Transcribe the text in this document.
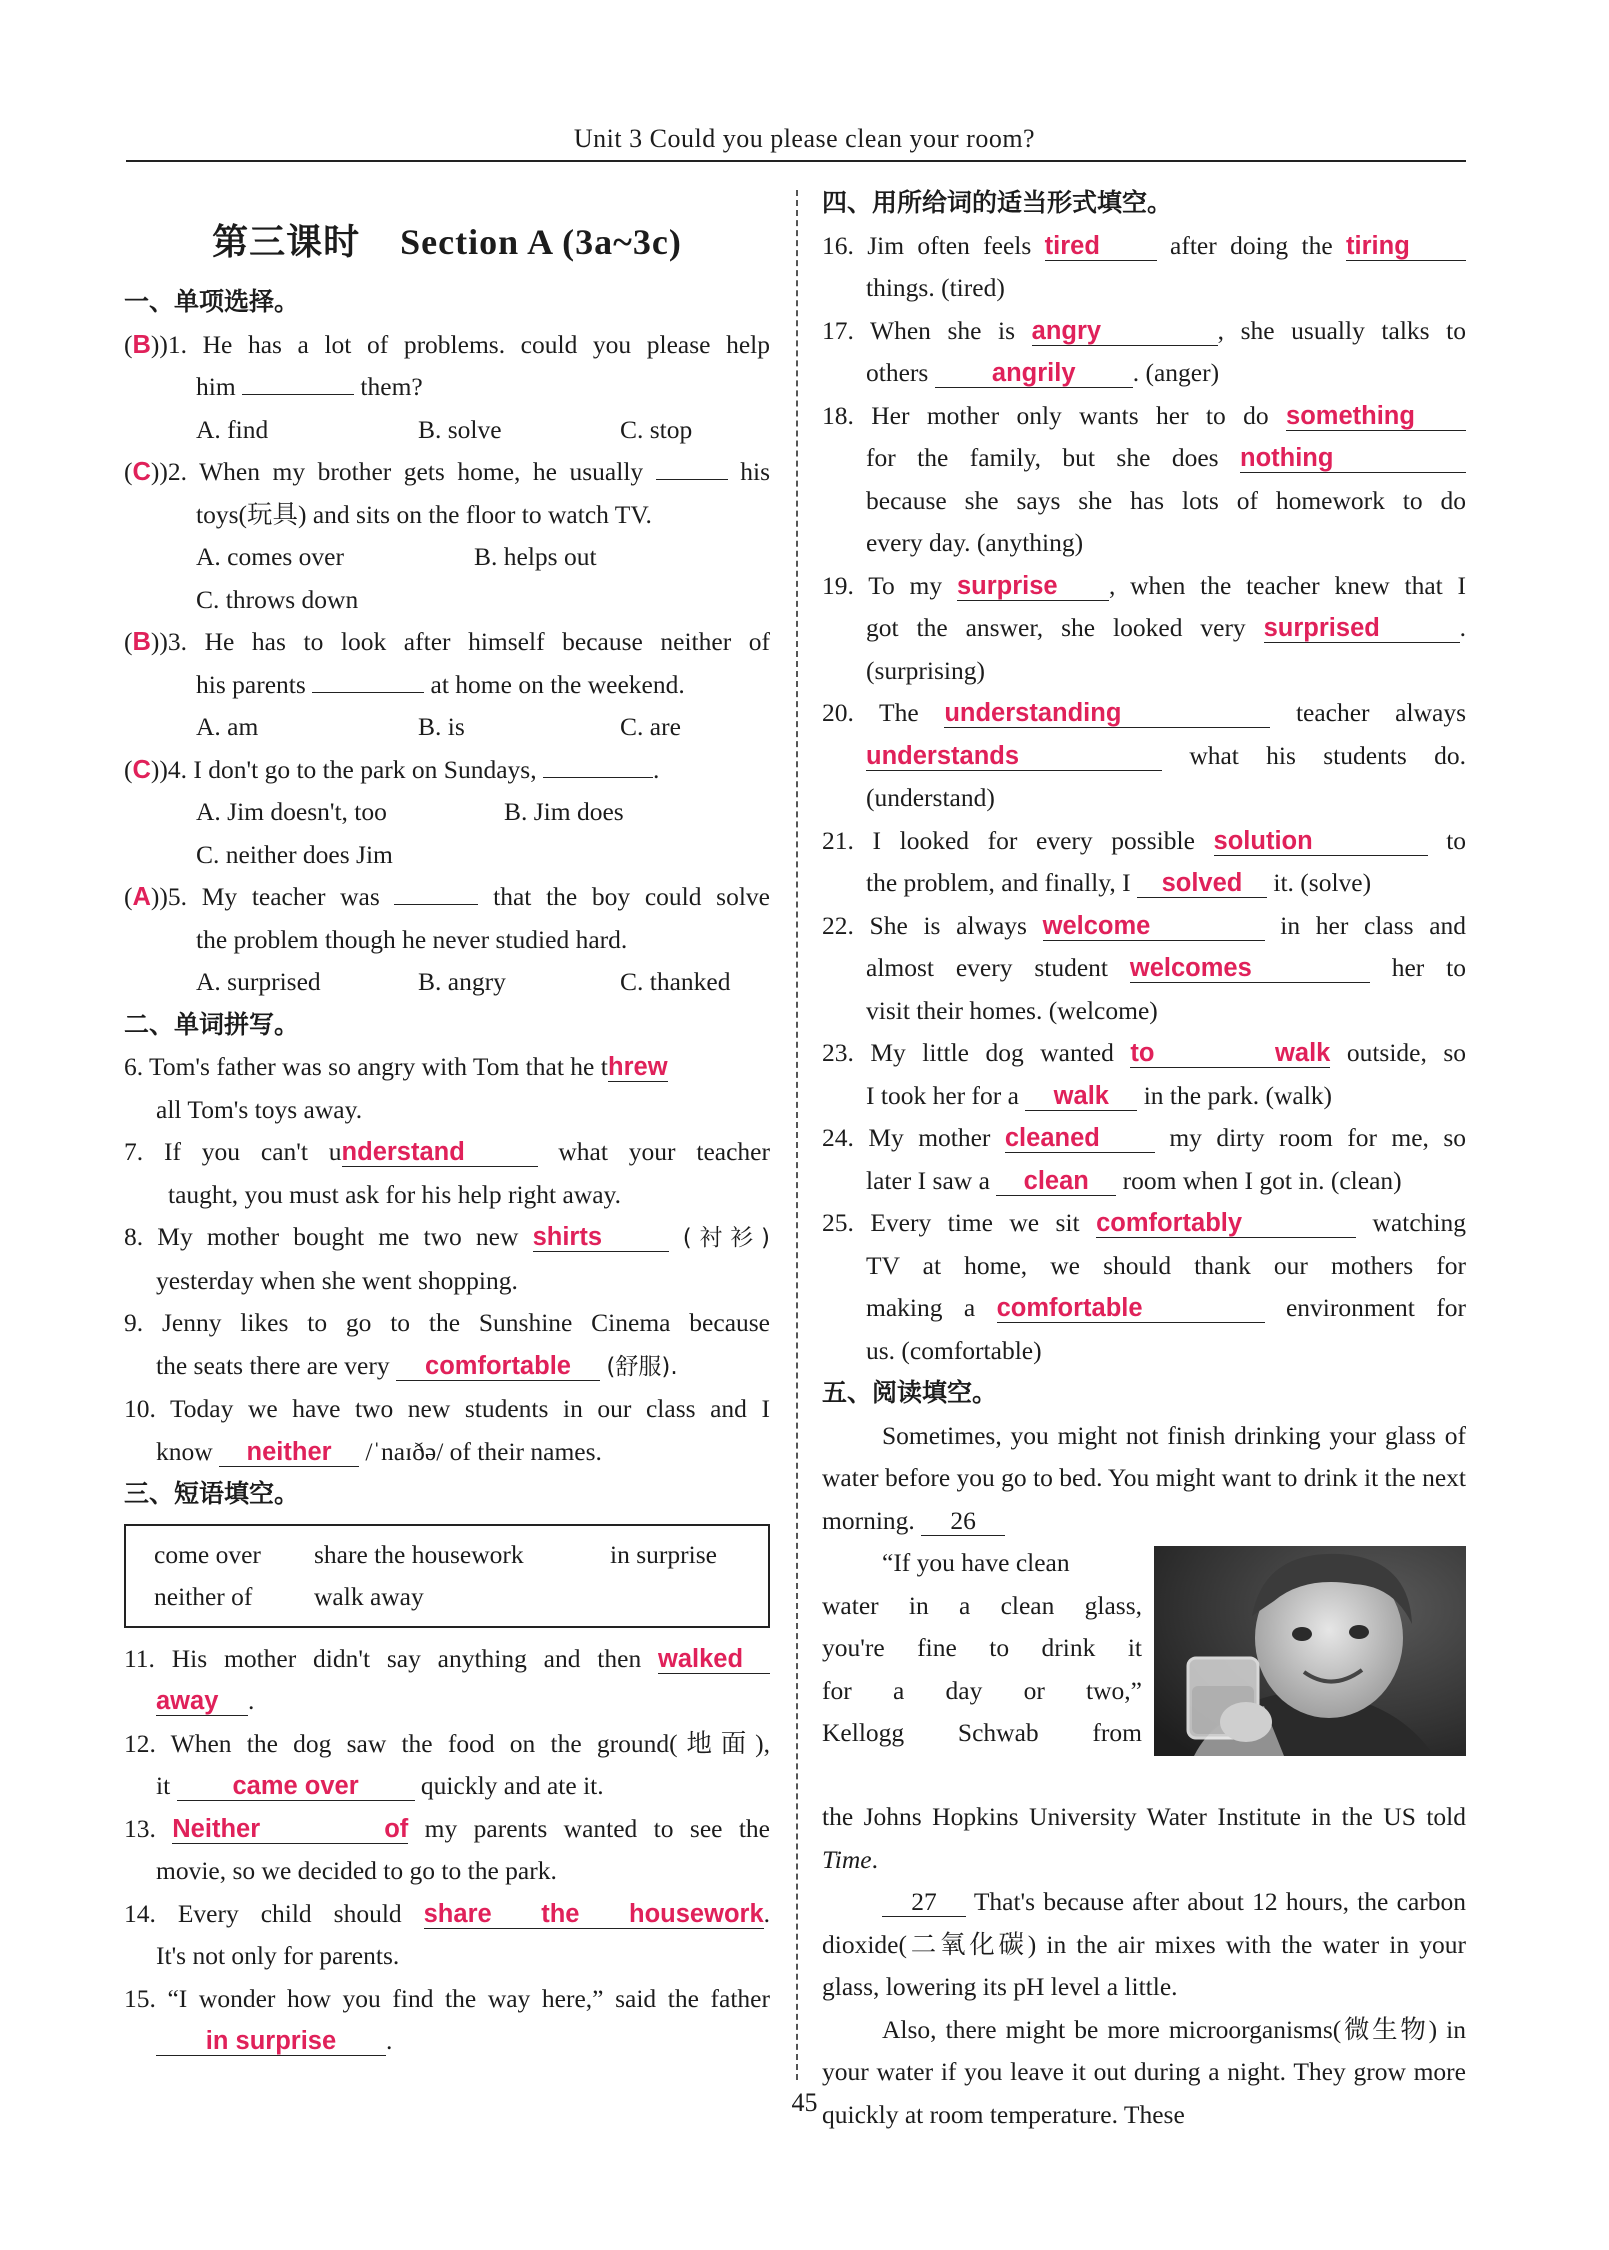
Unit 3 Could you please clean your room?
第三课时 Section A (3a~3c)
一、单项选择。
(B))1. He has a lot of problems. could you please help
him	them?
A. find	B. solve	C. stop
(C))2. When my brother gets home, he usually	his
toys(玩具) and sits on the floor to watch TV.
A. comes over	B. helps out
C. throws down
(B))3. He has to look after himself because neither of
his parents	at home on the weekend.
A. am	B. is	C. are
(C))4. I don't go to the park on Sundays,	.
A. Jim doesn't, too	B. Jim does
C. neither does Jim
(A))5. My teacher was	that the boy could solve
the problem though he never studied hard.
A. surprised	B. angry	C. thanked
二、单词拼写。
6. Tom's father was so angry with Tom that he threw
all Tom's toys away.
7. If you can't understand	what your teacher
taught, you must ask for his help right away.
8. My mother bought me two new shirts	(衬衫)
yesterday when she went shopping.
9. Jenny likes to go to the Sunshine Cinema because
the seats there are very comfortable (舒服).
10. Today we have two new students in our class and I
know neither /ˈnaɪðə/ of their names.
三、短语填空。
come over share the housework	in surprise
neither of walk away
11. His mother didn't say anything and then walked
away .
12. When the dog saw the food on the ground(地面),
it came over quickly and ate it.
13. Neither of my parents wanted to see the
movie, so we decided to go to the park.
14. Every child should share the housework.
It's not only for parents.
15. “I wonder how you find the way here,” said the father
in surprise .
四、用所给词的适当形式填空。
16. Jim often feels tired	after doing the tiring
things. (tired)
17. When she is angry	, she usually talks to
others angrily . (anger)
18. Her mother only wants her to do something
for the family, but she does nothing
because she says she has lots of homework to do
every day. (anything)
19. To my surprise , when the teacher knew that I
got the answer, she looked very surprised	.
(surprising)
20. The understanding	teacher always
understands	what his students do.
(understand)
21. I looked for every possible solution	to
the problem, and finally, I solved it. (solve)
22. She is always welcome	in her class and
almost every student welcomes	her to
visit their homes. (welcome)
23. My little dog wanted to walk outside, so
I took her for a walk in the park. (walk)
24. My mother cleaned	my dirty room for me, so
later I saw a clean room when I got in. (clean)
25. Every time we sit comfortably	watching
TV at home, we should thank our mothers for
making a comfortable	environment for
us. (comfortable)
五、阅读填空。
Sometimes, you might not finish drinking your glass of water before you go to bed. You might want to drink it the next morning. 26
“If you have clean
water in a clean glass,
you're fine to drink it
for a day or two,”
Kellogg Schwab from
the Johns Hopkins University Water Institute in the US told Time.
27 That's because after about 12 hours, the carbon dioxide(二氧化碳) in the air mixes with the water in your glass, lowering its pH level a little.
Also, there might be more microorganisms(微生物) in your water if you leave it out during a night. They grow more quickly at room temperature. These
45
